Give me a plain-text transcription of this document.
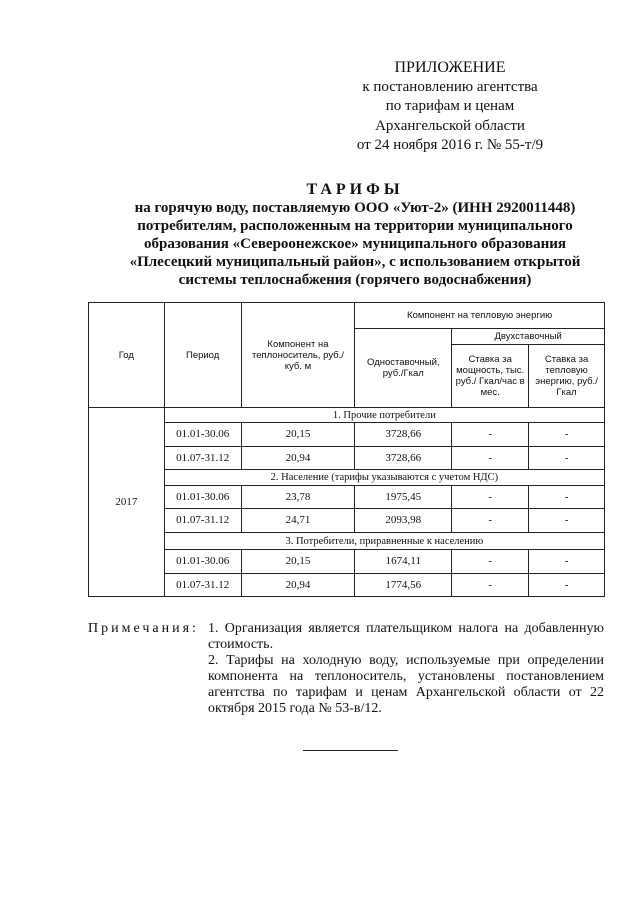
ПРИЛОЖЕНИЕ
к постановлению агентства
по тарифам и ценам
Архангельской области
от 24 ноября 2016 г. № 55-т/9
ТАРИФЫ
на горячую воду, поставляемую ООО «Уют-2» (ИНН 2920011448)
потребителям, расположенным на территории муниципального
образования «Североонежское» муниципального образования
«Плесецкий муниципальный район», с использованием открытой
системы теплоснабжения (горячего водоснабжения)
Год	Период	Компонент на теплоноситель, руб./куб. м	Компонент на тепловую энергию		
			Одноставочный, руб./Гкал	Двухставочный	
				Ставка за мощность, тыс. руб./ Гкал/час в мес.	Ставка за тепловую энергию, руб./Гкал
2017	1. Прочие потребители				
	01.01-30.06	20,15	3728,66	-	-
	01.07-31.12	20,94	3728,66	-	-
	2. Население (тарифы указываются с учетом НДС)				
	01.01-30.06	23,78	1975,45	-	-
	01.07-31.12	24,71	2093,98	-	-
	3. Потребители, приравненные к населению				
	01.01-30.06	20,15	1674,11	-	-
	01.07-31.12	20,94	1774,56	-	-
Примечания: 1. Организация является плательщиком налога на добавленную стоимость.

2. Тарифы на холодную воду, используемые при определении компонента на теплоноситель, установлены постановлением агентства по тарифам и ценам Архангельской области от 22 октября 2015 года № 53-в/12.
